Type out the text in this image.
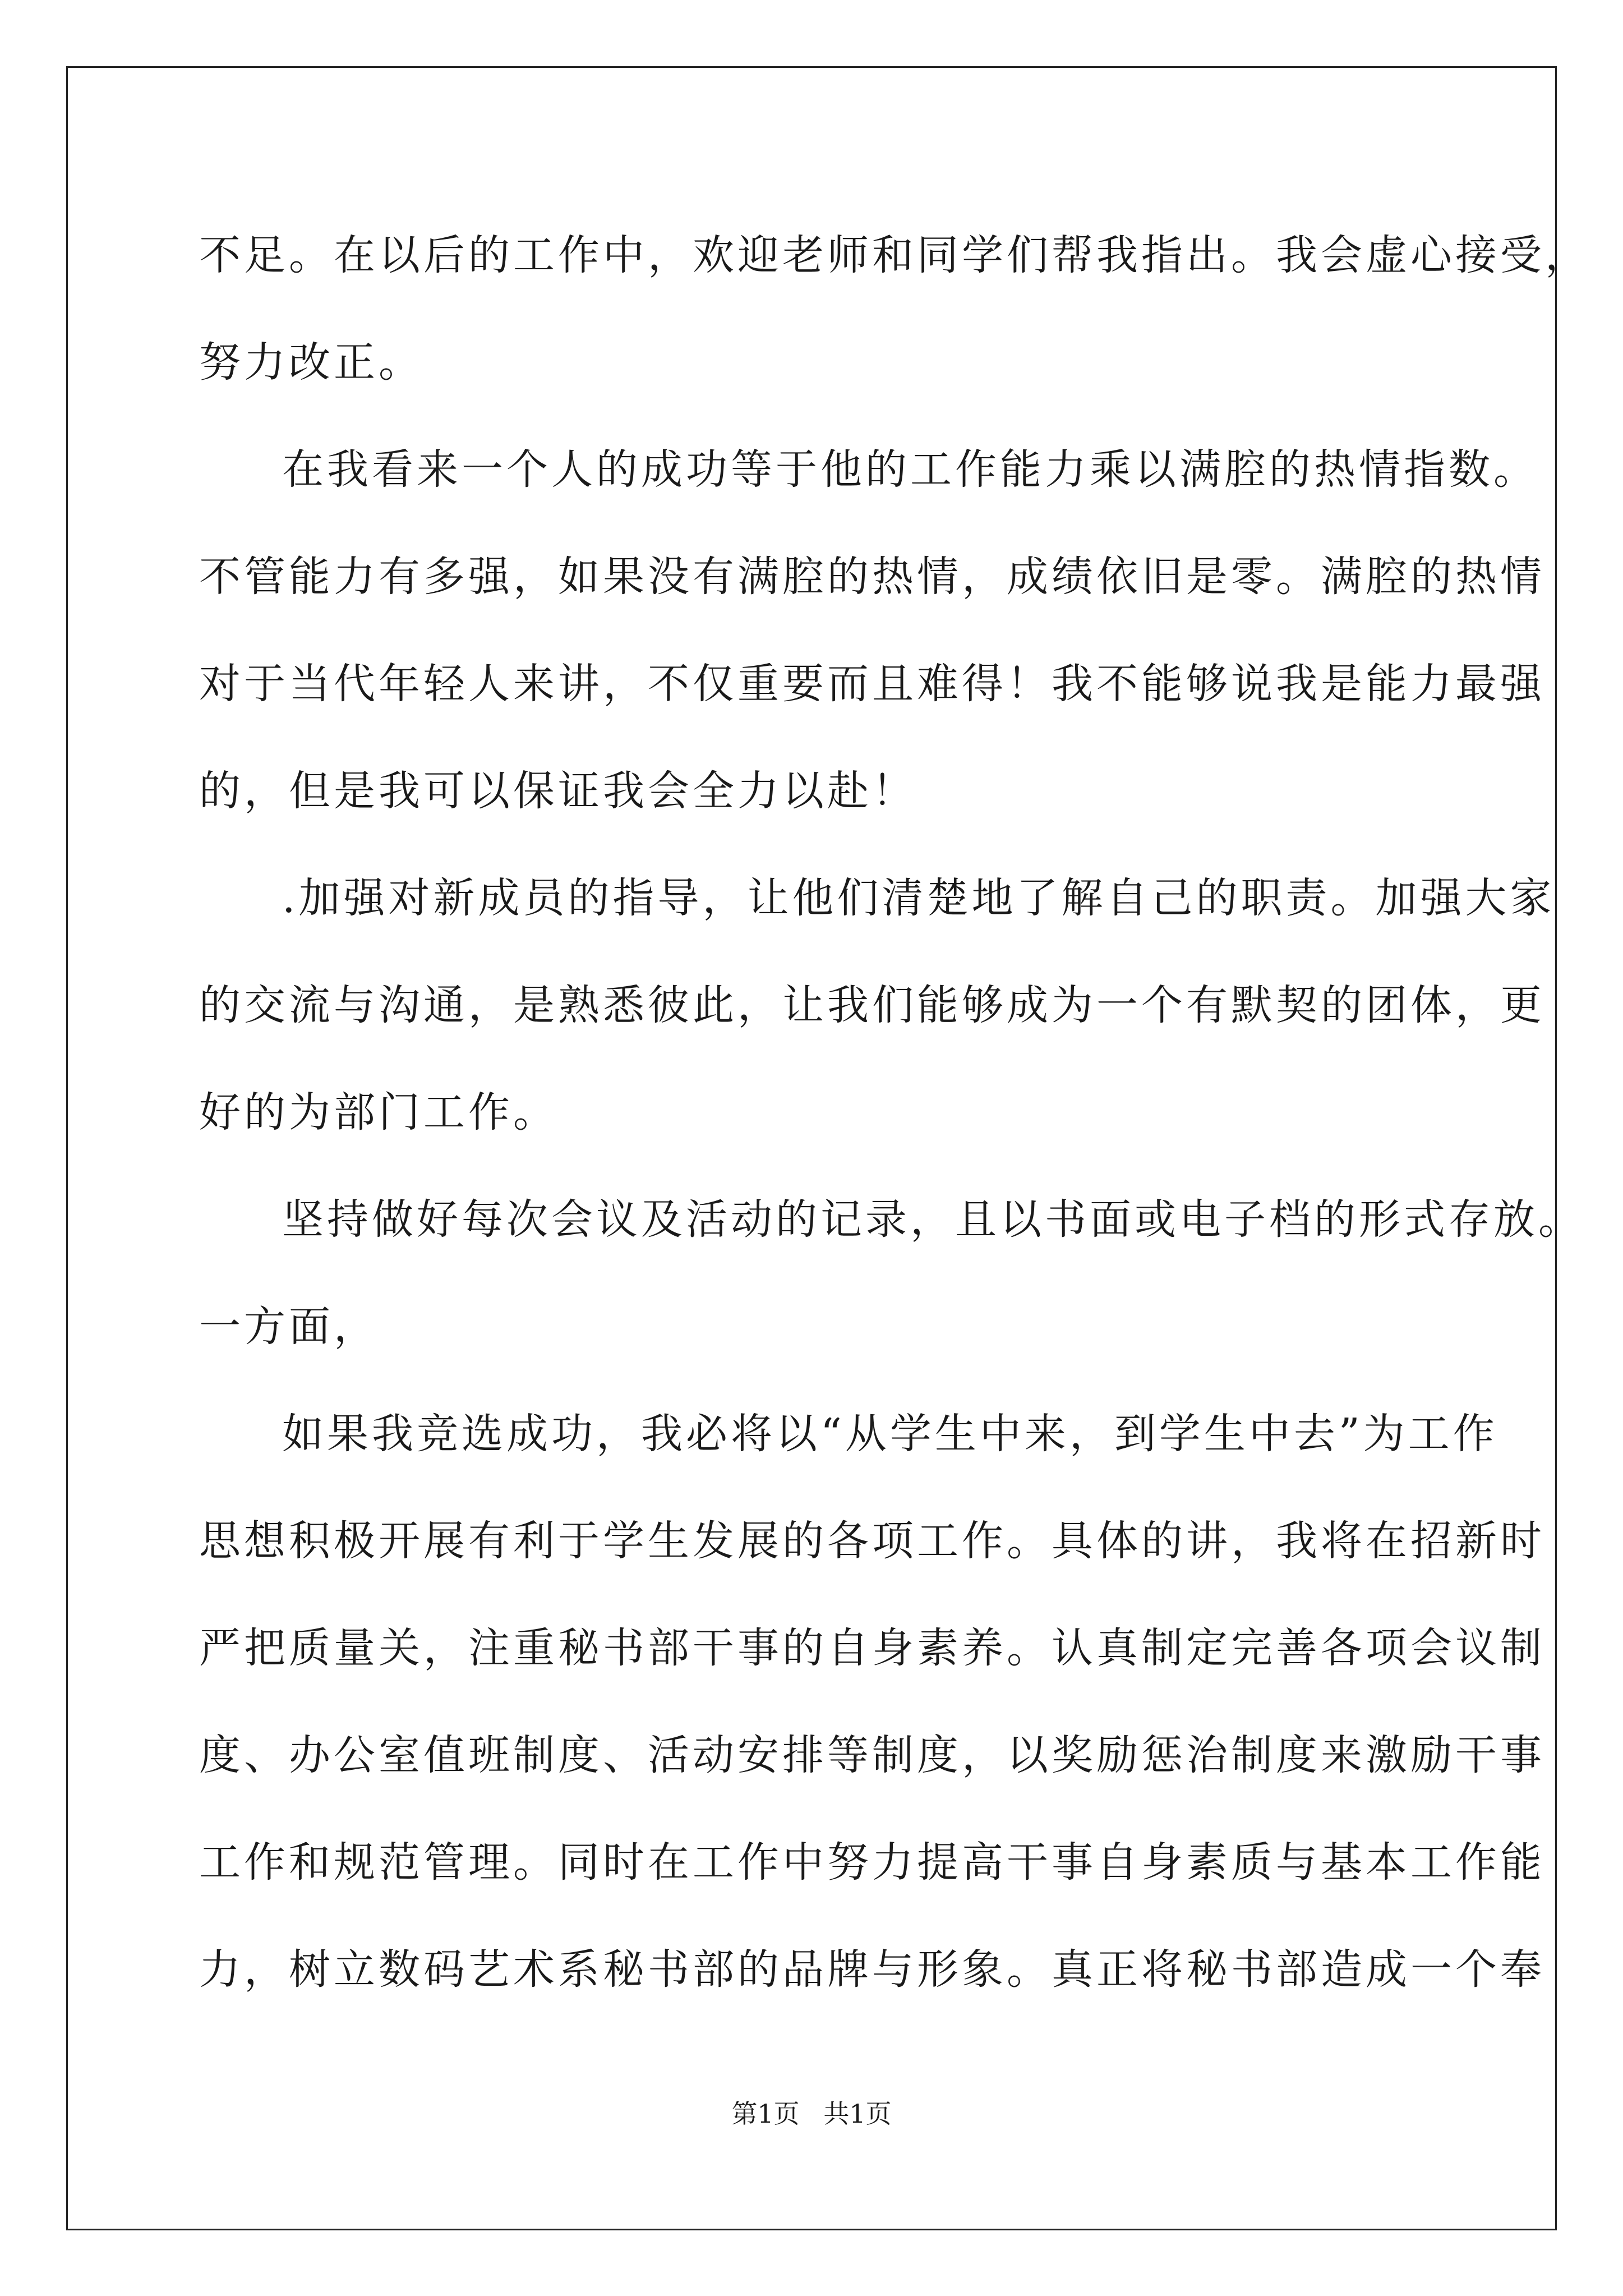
不足。在以后的工作中，欢迎老师和同学们帮我指出。我会虚心接受，
努力改正。
在我看来一个人的成功等于他的工作能力乘以满腔的热情指数。
不管能力有多强，如果没有满腔的热情，成绩依旧是零。满腔的热情
对于当代年轻人来讲，不仅重要而且难得！我不能够说我是能力最强
的，但是我可以保证我会全力以赴！
.加强对新成员的指导，让他们清楚地了解自己的职责。加强大家
的交流与沟通，是熟悉彼此，让我们能够成为一个有默契的团体，更
好的为部门工作。
坚持做好每次会议及活动的记录，且以书面或电子档的形式存放。
一方面，
如果我竞选成功，我必将以“从学生中来，到学生中去”为工作
思想积极开展有利于学生发展的各项工作。具体的讲，我将在招新时
严把质量关，注重秘书部干事的自身素养。认真制定完善各项会议制
度、办公室值班制度、活动安排等制度，以奖励惩治制度来激励干事
工作和规范管理。同时在工作中努力提高干事自身素质与基本工作能
力，树立数码艺术系秘书部的品牌与形象。真正将秘书部造成一个奉
第1页 共1页
